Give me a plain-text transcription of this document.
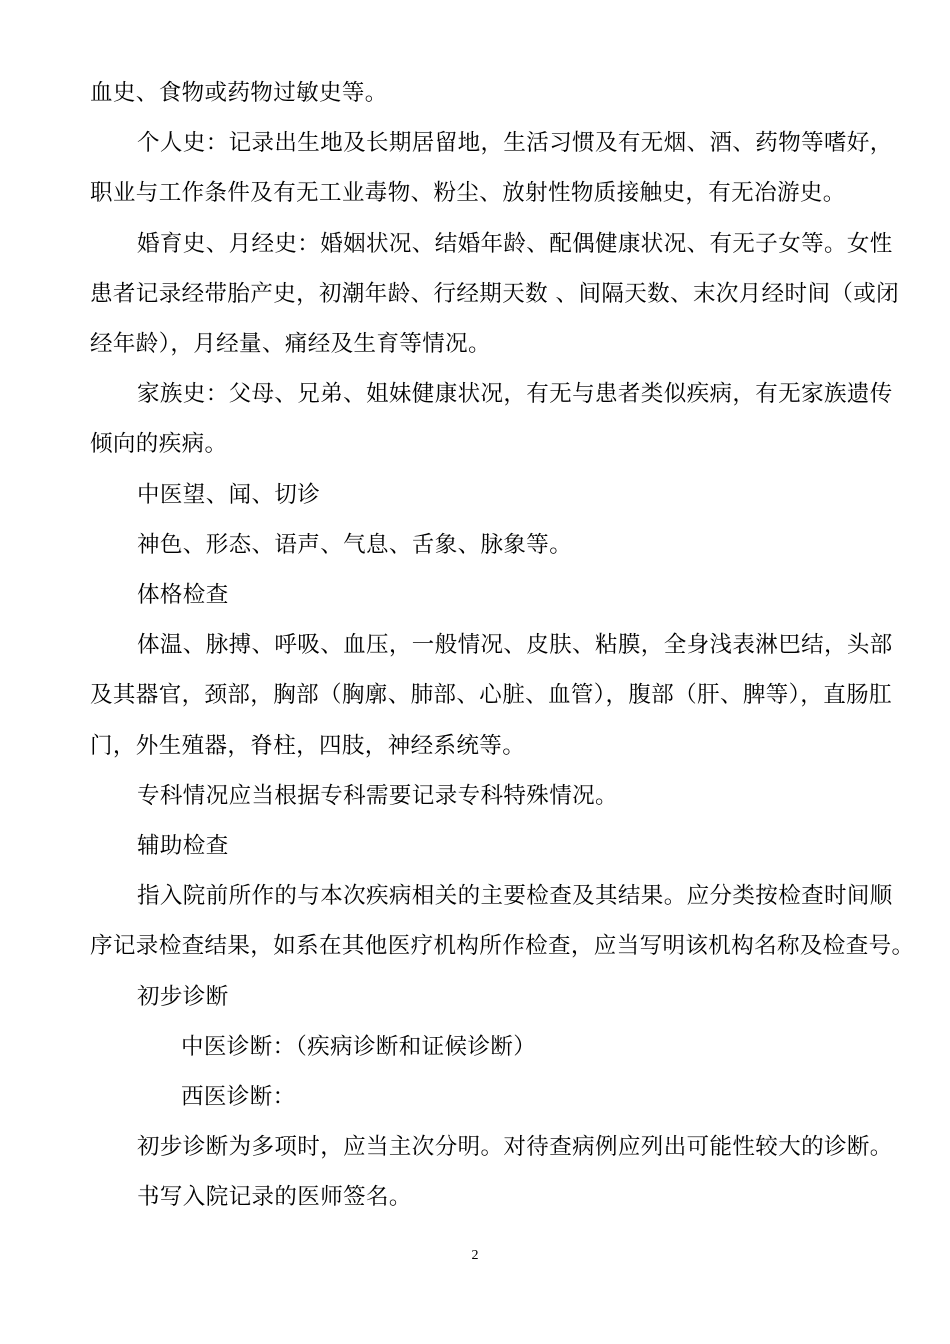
血史、食物或药物过敏史等。

个人史：记录出生地及长期居留地，生活习惯及有无烟、酒、药物等嗜好，

职业与工作条件及有无工业毒物、粉尘、放射性物质接触史，有无冶游史。

婚育史、月经史：婚姻状况、结婚年龄、配偶健康状况、有无子女等。女性

患者记录经带胎产史，初潮年龄、行经期天数 、间隔天数、末次月经时间（或闭

经年龄），月经量、痛经及生育等情况。

家族史：父母、兄弟、姐妹健康状况，有无与患者类似疾病，有无家族遗传

倾向的疾病。

中医望、闻、切诊

神色、形态、语声、气息、舌象、脉象等。

体格检查

体温、脉搏、呼吸、血压，一般情况、皮肤、粘膜，全身浅表淋巴结，头部

及其器官，颈部，胸部（胸廓、肺部、心脏、血管），腹部（肝、脾等），直肠肛

门，外生殖器，脊柱，四肢，神经系统等。

专科情况应当根据专科需要记录专科特殊情况。

辅助检查

指入院前所作的与本次疾病相关的主要检查及其结果。应分类按检查时间顺

序记录检查结果，如系在其他医疗机构所作检查，应当写明该机构名称及检查号。

初步诊断

中医诊断：（疾病诊断和证候诊断）

西医诊断：

初步诊断为多项时，应当主次分明。对待查病例应列出可能性较大的诊断。

书写入院记录的医师签名。

2
